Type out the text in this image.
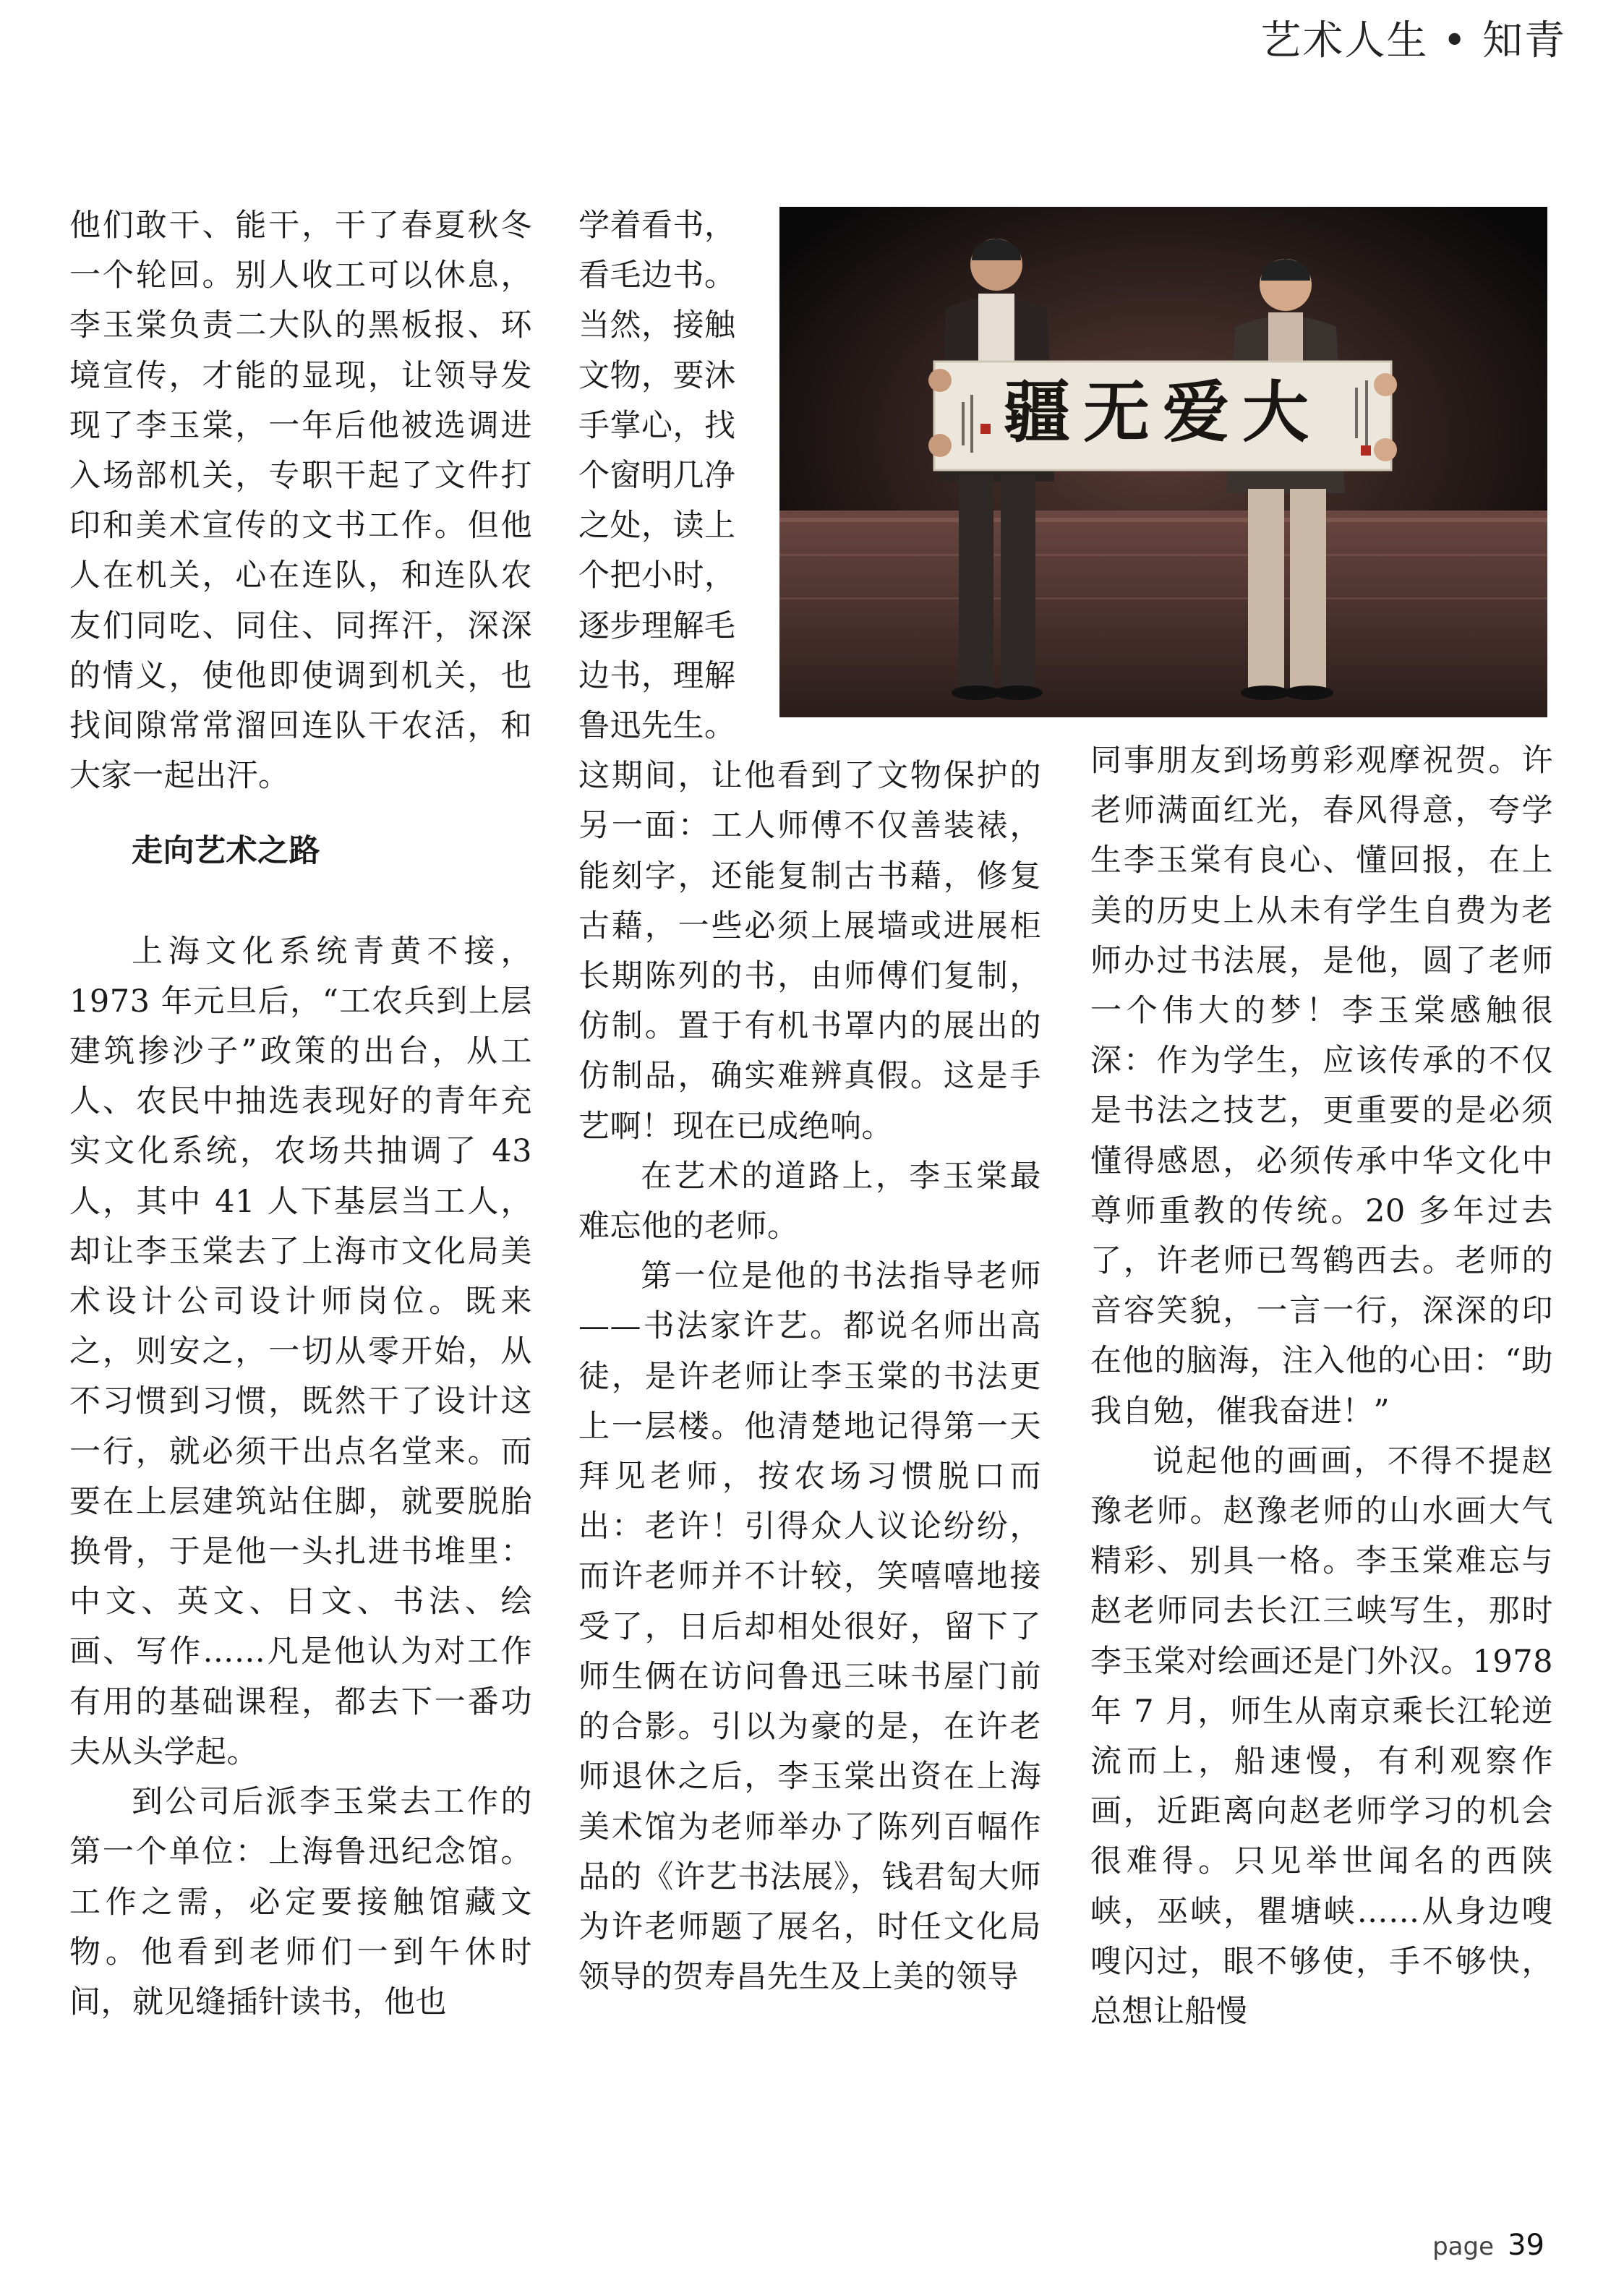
艺术人生 • 知青

他们敢干、能干，干了春夏秋冬一个轮回。别人收工可以休息，李玉棠负责二大队的黑板报、环境宣传，才能的显现，让领导发现了李玉棠，一年后他被选调进入场部机关，专职干起了文件打印和美术宣传的文书工作。但他人在机关，心在连队，和连队农友们同吃、同住、同挥汗，深深的情义，使他即使调到机关，也找间隙常常溜回连队干农活，和大家一起出汗。

走向艺术之路

上海文化系统青黄不接，1973 年元旦后，“工农兵到上层建筑掺沙子”政策的出台，从工人、农民中抽选表现好的青年充实文化系统，农场共抽调了 43 人，其中 41 人下基层当工人，却让李玉棠去了上海市文化局美术设计公司设计师岗位。既来之，则安之，一切从零开始，从不习惯到习惯，既然干了设计这一行，就必须干出点名堂来。而要在上层建筑站住脚，就要脱胎换骨，于是他一头扎进书堆里：中文、英文、日文、书法、绘画、写作……凡是他认为对工作有用的基础课程，都去下一番功夫从头学起。

到公司后派李玉棠去工作的第一个单位：上海鲁迅纪念馆。工作之需，必定要接触馆藏文物。他看到老师们一到午休时间，就见缝插针读书，他也

学着看书，
看毛边书。
当然，接触
文物，要沐
手掌心，找
个窗明几净
之处，读上
个把小时，
逐步理解毛
边书，理解
鲁迅先生。

这期间，让他看到了文物保护的另一面：工人师傅不仅善装裱，能刻字，还能复制古书藉，修复古藉，一些必须上展墙或进展柜长期陈列的书，由师傅们复制，仿制。置于有机书罩内的展出的仿制品，确实难辨真假。这是手艺啊！现在已成绝响。

在艺术的道路上，李玉棠最难忘他的老师。

第一位是他的书法指导老师——书法家许艺。都说名师出高徒，是许老师让李玉棠的书法更上一层楼。他清楚地记得第一天拜见老师，按农场习惯脱口而出：老许！引得众人议论纷纷，而许老师并不计较，笑嘻嘻地接受了，日后却相处很好，留下了师生俩在访问鲁迅三味书屋门前的合影。引以为豪的是，在许老师退休之后，李玉棠出资在上海美术馆为老师举办了陈列百幅作品的《许艺书法展》，钱君匋大师为许老师题了展名，时任文化局领导的贺寿昌先生及上美的领导

大爱无疆

同事朋友到场剪彩观摩祝贺。许老师满面红光，春风得意，夸学生李玉棠有良心、懂回报，在上美的历史上从未有学生自费为老师办过书法展，是他，圆了老师一个伟大的梦！李玉棠感触很深：作为学生，应该传承的不仅是书法之技艺，更重要的是必须懂得感恩，必须传承中华文化中尊师重教的传统。20 多年过去了，许老师已驾鹤西去。老师的音容笑貌，一言一行，深深的印在他的脑海，注入他的心田：“助我自勉，催我奋进！”

说起他的画画，不得不提赵豫老师。赵豫老师的山水画大气精彩、别具一格。李玉棠难忘与赵老师同去长江三峡写生，那时李玉棠对绘画还是门外汉。1978 年 7 月，师生从南京乘长江轮逆流而上，船速慢，有利观察作画，近距离向赵老师学习的机会很难得。只见举世闻名的西陕峡，巫峡，瞿塘峡……从身边嗖嗖闪过，眼不够使，手不够快，总想让船慢

page 39
